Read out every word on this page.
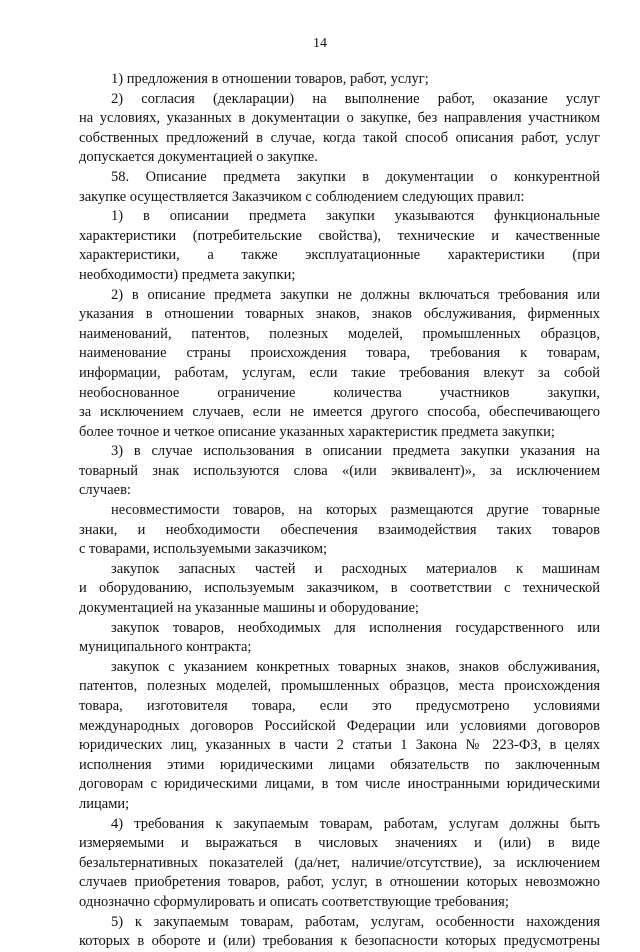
14
1) предложения в отношении товаров, работ, услуг;
2) согласия (декларации) на выполнение работ, оказание услуг
на условиях, указанных в документации о закупке, без направления участником
собственных предложений в случае, когда такой способ описания работ, услуг
допускается документацией о закупке.
58. Описание предмета закупки в документации о конкурентной
закупке осуществляется Заказчиком с соблюдением следующих правил:
1) в описании предмета закупки указываются функциональные
характеристики (потребительские свойства), технические и качественные
характеристики, а также эксплуатационные характеристики (при
необходимости) предмета закупки;
2) в описание предмета закупки не должны включаться требования или
указания в отношении товарных знаков, знаков обслуживания, фирменных
наименований, патентов, полезных моделей, промышленных образцов,
наименование страны происхождения товара, требования к товарам,
информации, работам, услугам, если такие требования влекут за собой
необоснованное ограничение количества участников закупки,
за исключением случаев, если не имеется другого способа, обеспечивающего
более точное и четкое описание указанных характеристик предмета закупки;
3) в случае использования в описании предмета закупки указания на
товарный знак используются слова «(или эквивалент)», за исключением
случаев:
несовместимости товаров, на которых размещаются другие товарные
знаки, и необходимости обеспечения взаимодействия таких товаров
с товарами, используемыми заказчиком;
закупок запасных частей и расходных материалов к машинам
и оборудованию, используемым заказчиком, в соответствии с технической
документацией на указанные машины и оборудование;
закупок товаров, необходимых для исполнения государственного или
муниципального контракта;
закупок с указанием конкретных товарных знаков, знаков обслуживания,
патентов, полезных моделей, промышленных образцов, места происхождения
товара, изготовителя товара, если это предусмотрено условиями
международных договоров Российской Федерации или условиями договоров
юридических лиц, указанных в части 2 статьи 1 Закона № 223-ФЗ, в целях
исполнения этими юридическими лицами обязательств по заключенным
договорам с юридическими лицами, в том числе иностранными юридическими
лицами;
4) требования к закупаемым товарам, работам, услугам должны быть
измеряемыми и выражаться в числовых значениях и (или) в виде
безальтернативных показателей (да/нет, наличие/отсутствие), за исключением
случаев приобретения товаров, работ, услуг, в отношении которых невозможно
однозначно сформулировать и описать соответствующие требования;
5) к закупаемым товарам, работам, услугам, особенности нахождения
которых в обороте и (или) требования к безопасности которых предусмотрены
